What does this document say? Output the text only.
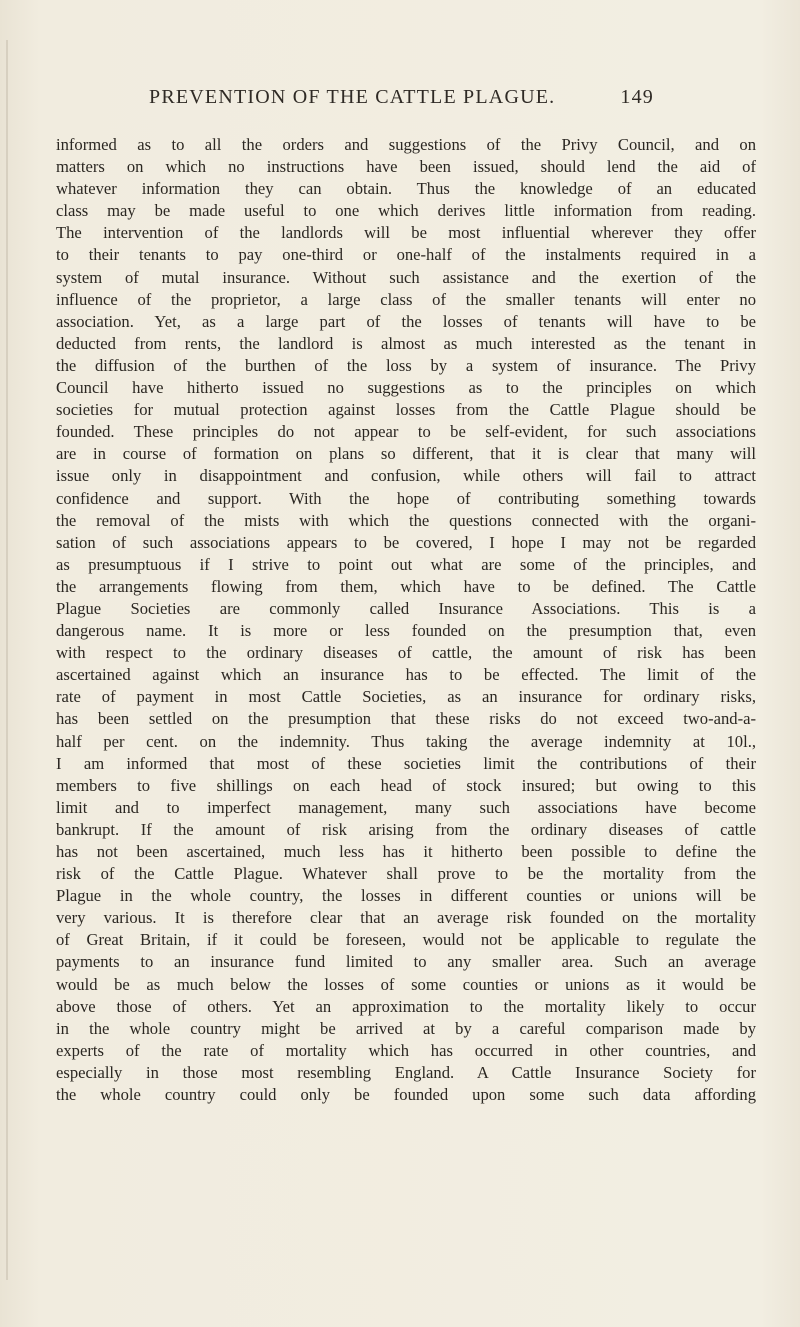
PREVENTION OF THE CATTLE PLAGUE.	149
informed as to all the orders and suggestions of the Privy Council, and on
matters on which no instructions have been issued, should lend the aid of
whatever information they can obtain. Thus the knowledge of an educated
class may be made useful to one which derives little information from reading.
The intervention of the landlords will be most influential wherever they offer
to their tenants to pay one-third or one-half of the instalments required in a
system of mutal insurance. Without such assistance and the exertion of the
influence of the proprietor, a large class of the smaller tenants will enter no
association. Yet, as a large part of the losses of tenants will have to be
deducted from rents, the landlord is almost as much interested as the tenant in
the diffusion of the burthen of the loss by a system of insurance. The Privy
Council have hitherto issued no suggestions as to the principles on which
societies for mutual protection against losses from the Cattle Plague should be
founded. These principles do not appear to be self-evident, for such associations
are in course of formation on plans so different, that it is clear that many will
issue only in disappointment and confusion, while others will fail to attract
confidence and support. With the hope of contributing something towards
the removal of the mists with which the questions connected with the organi-
sation of such associations appears to be covered, I hope I may not be regarded
as presumptuous if I strive to point out what are some of the principles, and
the arrangements flowing from them, which have to be defined. The Cattle
Plague Societies are commonly called Insurance Associations. This is a
dangerous name. It is more or less founded on the presumption that, even
with respect to the ordinary diseases of cattle, the amount of risk has been
ascertained against which an insurance has to be effected. The limit of the
rate of payment in most Cattle Societies, as an insurance for ordinary risks,
has been settled on the presumption that these risks do not exceed two-and-a-
half per cent. on the indemnity. Thus taking the average indemnity at 10l.,
I am informed that most of these societies limit the contributions of their
members to five shillings on each head of stock insured; but owing to this
limit and to imperfect management, many such associations have become
bankrupt. If the amount of risk arising from the ordinary diseases of cattle
has not been ascertained, much less has it hitherto been possible to define the
risk of the Cattle Plague. Whatever shall prove to be the mortality from the
Plague in the whole country, the losses in different counties or unions will be
very various. It is therefore clear that an average risk founded on the mortality
of Great Britain, if it could be foreseen, would not be applicable to regulate the
payments to an insurance fund limited to any smaller area. Such an average
would be as much below the losses of some counties or unions as it would be
above those of others. Yet an approximation to the mortality likely to occur
in the whole country might be arrived at by a careful comparison made by
experts of the rate of mortality which has occurred in other countries, and
especially in those most resembling England. A Cattle Insurance Society for
the whole country could only be founded upon some such data affording
